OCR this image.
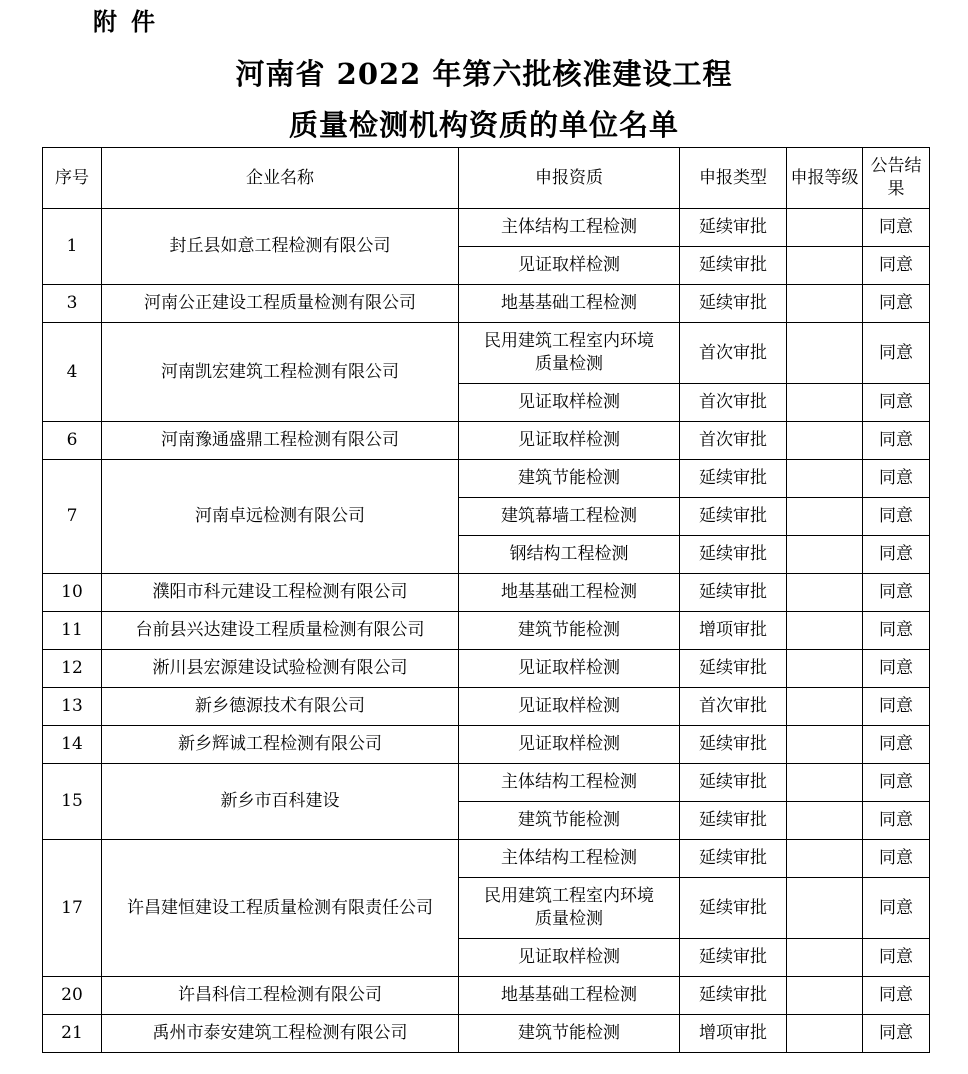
附件
河南省 2022 年第六批核准建设工程
质量检测机构资质的单位名单
序号	企业名称	申报资质	申报类型	申报等级	公告结果
1	封丘县如意工程检测有限公司	主体结构工程检测	延续审批		同意
		见证取样检测	延续审批		同意
3	河南公正建设工程质量检测有限公司	地基基础工程检测	延续审批		同意
4	河南凯宏建筑工程检测有限公司	民用建筑工程室内环境质量检测	首次审批		同意
		见证取样检测	首次审批		同意
6	河南豫通盛鼎工程检测有限公司	见证取样检测	首次审批		同意
7	河南卓远检测有限公司	建筑节能检测	延续审批		同意
		建筑幕墙工程检测	延续审批		同意
		钢结构工程检测	延续审批		同意
10	濮阳市科元建设工程检测有限公司	地基基础工程检测	延续审批		同意
11	台前县兴达建设工程质量检测有限公司	建筑节能检测	增项审批		同意
12	淅川县宏源建设试验检测有限公司	见证取样检测	延续审批		同意
13	新乡德源技术有限公司	见证取样检测	首次审批		同意
14	新乡辉诚工程检测有限公司	见证取样检测	延续审批		同意
15	新乡市百科建设	主体结构工程检测	延续审批		同意
		建筑节能检测	延续审批		同意
17	许昌建恒建设工程质量检测有限责任公司	主体结构工程检测	延续审批		同意
		民用建筑工程室内环境质量检测	延续审批		同意
		见证取样检测	延续审批		同意
20	许昌科信工程检测有限公司	地基基础工程检测	延续审批		同意
21	禹州市泰安建筑工程检测有限公司	建筑节能检测	增项审批		同意
